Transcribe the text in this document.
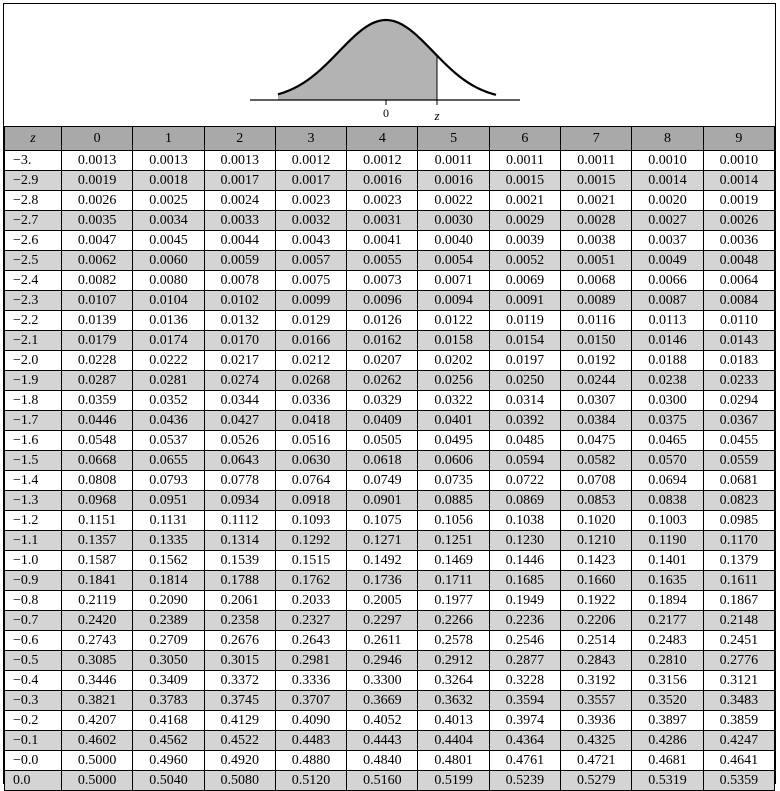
0	z
z	0	1	2	3	4	5	6	7	8	9
−3.	0.0013	0.0013	0.0013	0.0012	0.0012	0.0011	0.0011	0.0011	0.0010	0.0010
−2.9	0.0019	0.0018	0.0017	0.0017	0.0016	0.0016	0.0015	0.0015	0.0014	0.0014
−2.8	0.0026	0.0025	0.0024	0.0023	0.0023	0.0022	0.0021	0.0021	0.0020	0.0019
−2.7	0.0035	0.0034	0.0033	0.0032	0.0031	0.0030	0.0029	0.0028	0.0027	0.0026
−2.6	0.0047	0.0045	0.0044	0.0043	0.0041	0.0040	0.0039	0.0038	0.0037	0.0036
−2.5	0.0062	0.0060	0.0059	0.0057	0.0055	0.0054	0.0052	0.0051	0.0049	0.0048
−2.4	0.0082	0.0080	0.0078	0.0075	0.0073	0.0071	0.0069	0.0068	0.0066	0.0064
−2.3	0.0107	0.0104	0.0102	0.0099	0.0096	0.0094	0.0091	0.0089	0.0087	0.0084
−2.2	0.0139	0.0136	0.0132	0.0129	0.0126	0.0122	0.0119	0.0116	0.0113	0.0110
−2.1	0.0179	0.0174	0.0170	0.0166	0.0162	0.0158	0.0154	0.0150	0.0146	0.0143
−2.0	0.0228	0.0222	0.0217	0.0212	0.0207	0.0202	0.0197	0.0192	0.0188	0.0183
−1.9	0.0287	0.0281	0.0274	0.0268	0.0262	0.0256	0.0250	0.0244	0.0238	0.0233
−1.8	0.0359	0.0352	0.0344	0.0336	0.0329	0.0322	0.0314	0.0307	0.0300	0.0294
−1.7	0.0446	0.0436	0.0427	0.0418	0.0409	0.0401	0.0392	0.0384	0.0375	0.0367
−1.6	0.0548	0.0537	0.0526	0.0516	0.0505	0.0495	0.0485	0.0475	0.0465	0.0455
−1.5	0.0668	0.0655	0.0643	0.0630	0.0618	0.0606	0.0594	0.0582	0.0570	0.0559
−1.4	0.0808	0.0793	0.0778	0.0764	0.0749	0.0735	0.0722	0.0708	0.0694	0.0681
−1.3	0.0968	0.0951	0.0934	0.0918	0.0901	0.0885	0.0869	0.0853	0.0838	0.0823
−1.2	0.1151	0.1131	0.1112	0.1093	0.1075	0.1056	0.1038	0.1020	0.1003	0.0985
−1.1	0.1357	0.1335	0.1314	0.1292	0.1271	0.1251	0.1230	0.1210	0.1190	0.1170
−1.0	0.1587	0.1562	0.1539	0.1515	0.1492	0.1469	0.1446	0.1423	0.1401	0.1379
−0.9	0.1841	0.1814	0.1788	0.1762	0.1736	0.1711	0.1685	0.1660	0.1635	0.1611
−0.8	0.2119	0.2090	0.2061	0.2033	0.2005	0.1977	0.1949	0.1922	0.1894	0.1867
−0.7	0.2420	0.2389	0.2358	0.2327	0.2297	0.2266	0.2236	0.2206	0.2177	0.2148
−0.6	0.2743	0.2709	0.2676	0.2643	0.2611	0.2578	0.2546	0.2514	0.2483	0.2451
−0.5	0.3085	0.3050	0.3015	0.2981	0.2946	0.2912	0.2877	0.2843	0.2810	0.2776
−0.4	0.3446	0.3409	0.3372	0.3336	0.3300	0.3264	0.3228	0.3192	0.3156	0.3121
−0.3	0.3821	0.3783	0.3745	0.3707	0.3669	0.3632	0.3594	0.3557	0.3520	0.3483
−0.2	0.4207	0.4168	0.4129	0.4090	0.4052	0.4013	0.3974	0.3936	0.3897	0.3859
−0.1	0.4602	0.4562	0.4522	0.4483	0.4443	0.4404	0.4364	0.4325	0.4286	0.4247
−0.0	0.5000	0.4960	0.4920	0.4880	0.4840	0.4801	0.4761	0.4721	0.4681	0.4641
0.0	0.5000	0.5040	0.5080	0.5120	0.5160	0.5199	0.5239	0.5279	0.5319	0.5359
